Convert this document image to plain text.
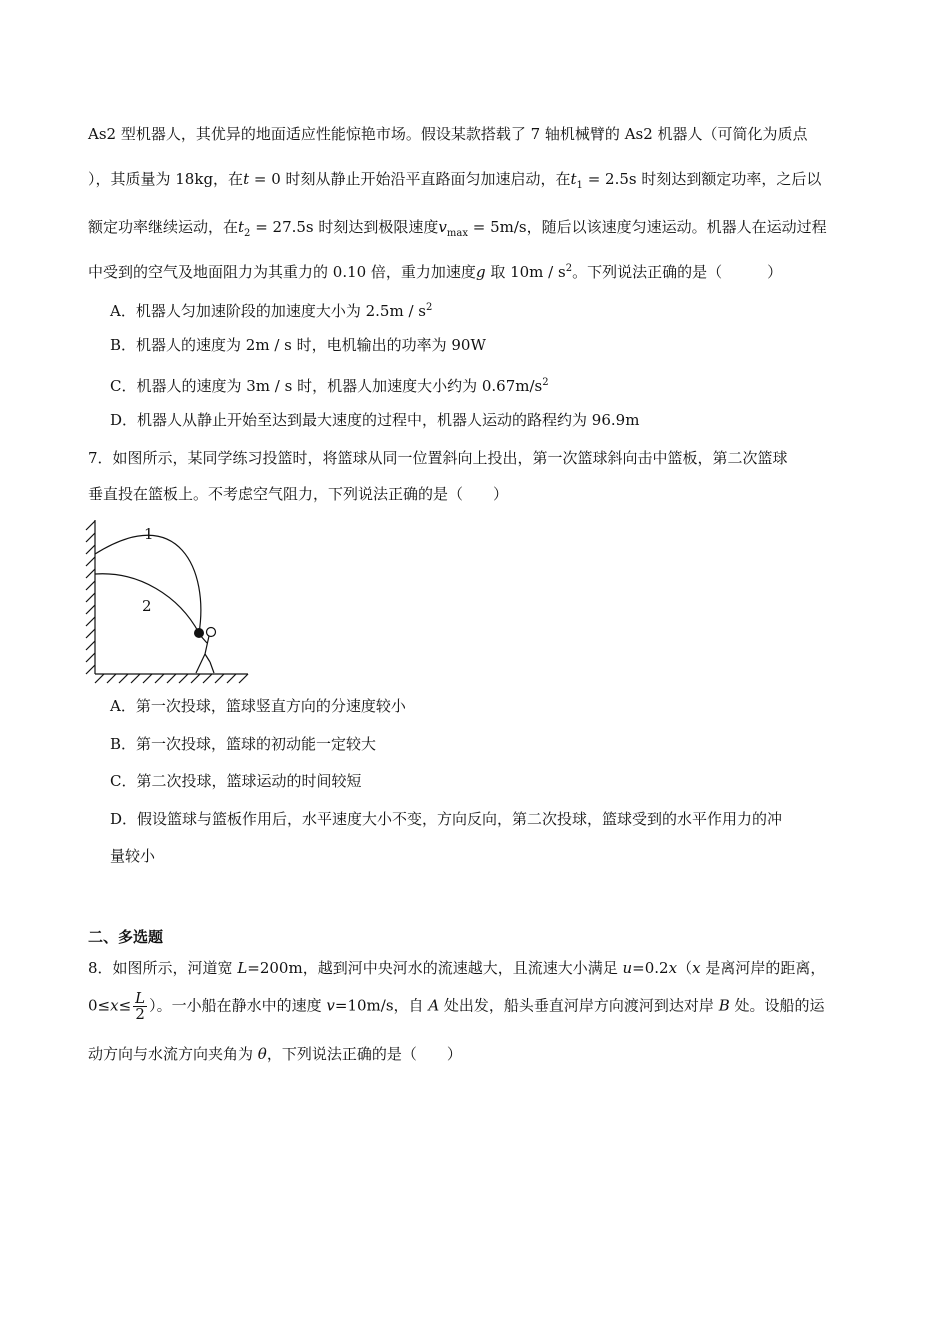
As2 型机器人，其优异的地面适应性能惊艳市场。假设某款搭载了 7 轴机械臂的 As2 机器人（可简化为质点
），其质量为 18kg，在t = 0 时刻从静止开始沿平直路面匀加速启动，在$t_1 = 2.5s$ 时刻达到额定功率，之后以
额定功率继续运动，在$t_2 = 27.5s$ 时刻达到极限速度$v_{max} = 5m/s$，随后以该速度匀速运动。机器人在运动过程
中受到的空气及地面阻力为其重力的 0.10 倍，重力加速度g 取 $10m / s^2$。下列说法正确的是（　　　）
A．机器人匀加速阶段的加速度大小为 $2.5m / s^2$
B．机器人的速度为 2m / s 时，电机输出的功率为 90W
C．机器人的速度为 3m / s 时，机器人加速度大小约为 $0.67m/s^2$
D．机器人从静止开始至达到最大速度的过程中，机器人运动的路程约为 96.9m
7．如图所示，某同学练习投篮时，将篮球从同一位置斜向上投出，第一次篮球斜向击中篮板，第二次篮球
垂直投在篮板上。不考虑空气阻力，下列说法正确的是（　　）
1
2
A．第一次投球，篮球竖直方向的分速度较小
B．第一次投球，篮球的初动能一定较大
C．第二次投球，篮球运动的时间较短
D．假设篮球与篮板作用后，水平速度大小不变，方向反向，第二次投球，篮球受到的水平作用力的冲
量较小
二、多选题
8．如图所示，河道宽 L=200m，越到河中央河水的流速越大，且流速大小满足 u=0.2x（x 是离河岸的距离，
$0\le x\le \frac{L}{2}$ ）。一小船在静水中的速度 v=10m/s，自 A 处出发，船头垂直河岸方向渡河到达对岸 B 处。设船的运
动方向与水流方向夹角为 θ，下列说法正确的是（　　）
